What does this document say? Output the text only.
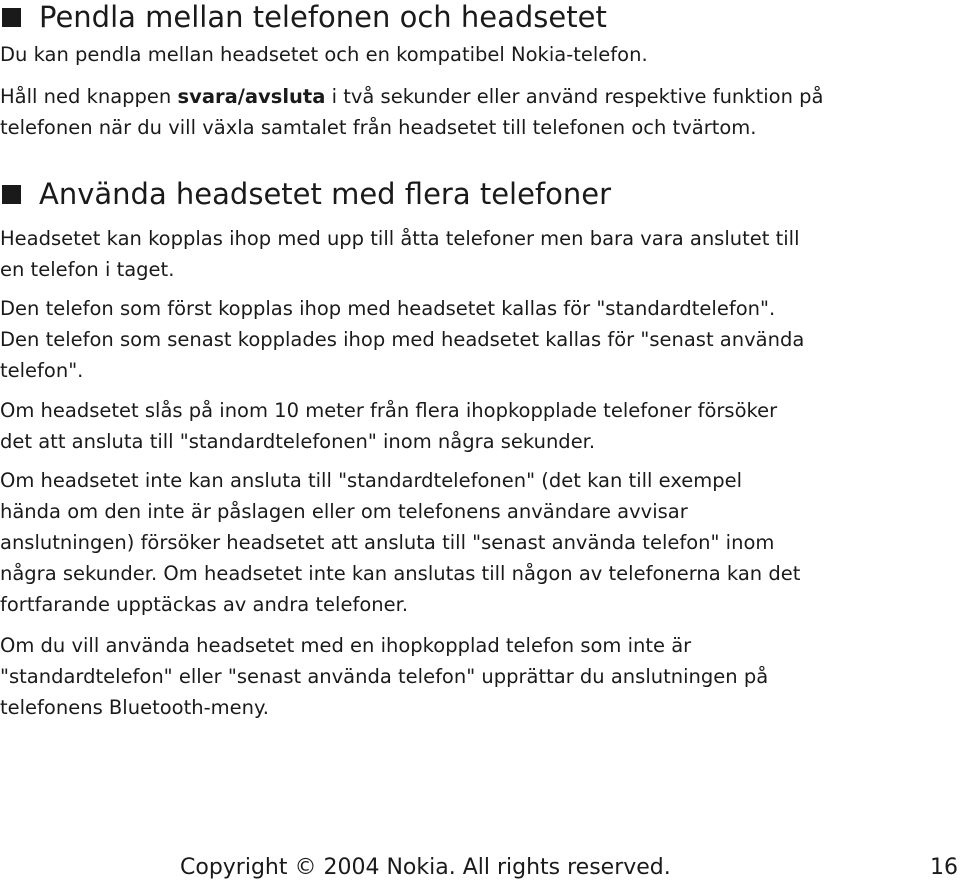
Pendla mellan telefonen och headsetet

Du kan pendla mellan headsetet och en kompatibel Nokia-telefon.

Håll ned knappen svara/avsluta i två sekunder eller använd respektive funktion på
telefonen när du vill växla samtalet från headsetet till telefonen och tvärtom.

Använda headsetet med flera telefoner

Headsetet kan kopplas ihop med upp till åtta telefoner men bara vara anslutet till
en telefon i taget.

Den telefon som först kopplas ihop med headsetet kallas för "standardtelefon".
Den telefon som senast kopplades ihop med headsetet kallas för "senast använda
telefon".

Om headsetet slås på inom 10 meter från flera ihopkopplade telefoner försöker
det att ansluta till "standardtelefonen" inom några sekunder.

Om headsetet inte kan ansluta till "standardtelefonen" (det kan till exempel
hända om den inte är påslagen eller om telefonens användare avvisar
anslutningen) försöker headsetet att ansluta till "senast använda telefon" inom
några sekunder. Om headsetet inte kan anslutas till någon av telefonerna kan det
fortfarande upptäckas av andra telefoner.

Om du vill använda headsetet med en ihopkopplad telefon som inte är
"standardtelefon" eller "senast använda telefon" upprättar du anslutningen på
telefonens Bluetooth-meny.

Copyright © 2004 Nokia. All rights reserved.	16
